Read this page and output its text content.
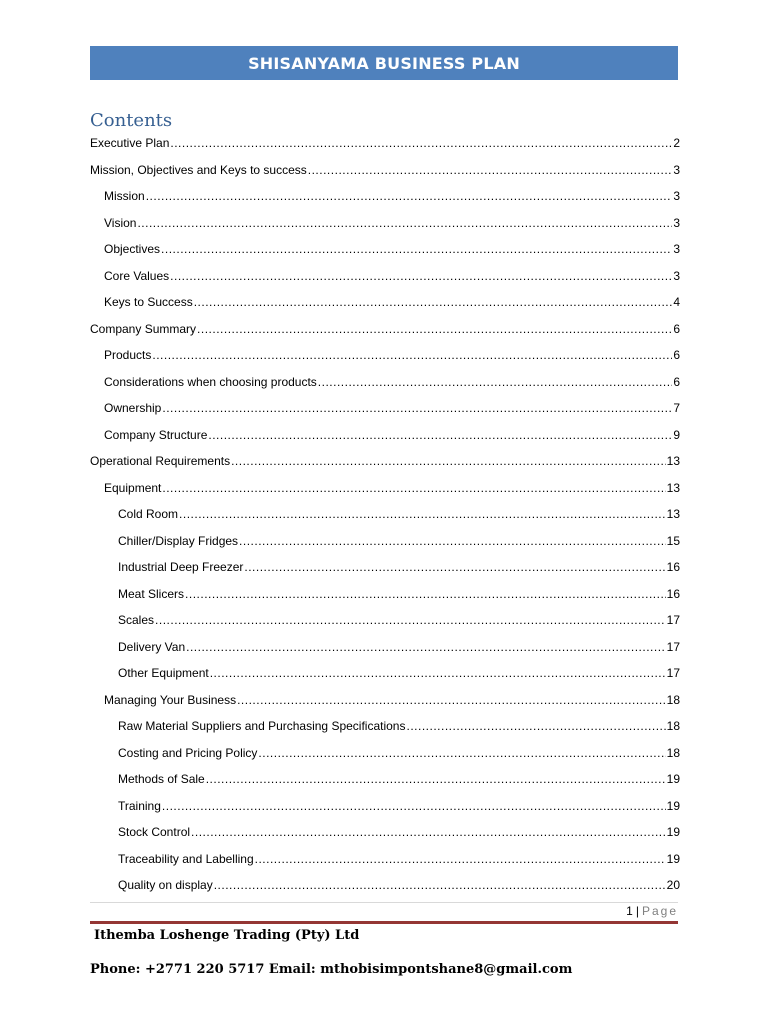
SHISANYAMA BUSINESS PLAN
Contents
Executive Plan .....	2
Mission, Objectives and Keys to success .....	3
Mission .....	3
Vision .....	3
Objectives .....	3
Core Values .....	3
Keys to Success .....	4
Company Summary .....	6
Products .....	6
Considerations when choosing products .....	6
Ownership .....	7
Company Structure .....	9
Operational Requirements .....	13
Equipment .....	13
Cold Room .....	13
Chiller/Display Fridges .....	15
Industrial Deep Freezer .....	16
Meat Slicers .....	16
Scales .....	17
Delivery Van .....	17
Other Equipment .....	17
Managing Your Business .....	18
Raw Material Suppliers and Purchasing Specifications .....	18
Costing and Pricing Policy .....	18
Methods of Sale .....	19
Training .....	19
Stock Control .....	19
Traceability and Labelling .....	19
Quality on display .....	20
1 | Page
Ithemba Loshenge Trading (Pty) Ltd
Phone: +2771 220 5717 Email: mthobisimpontshane8@gmail.com
